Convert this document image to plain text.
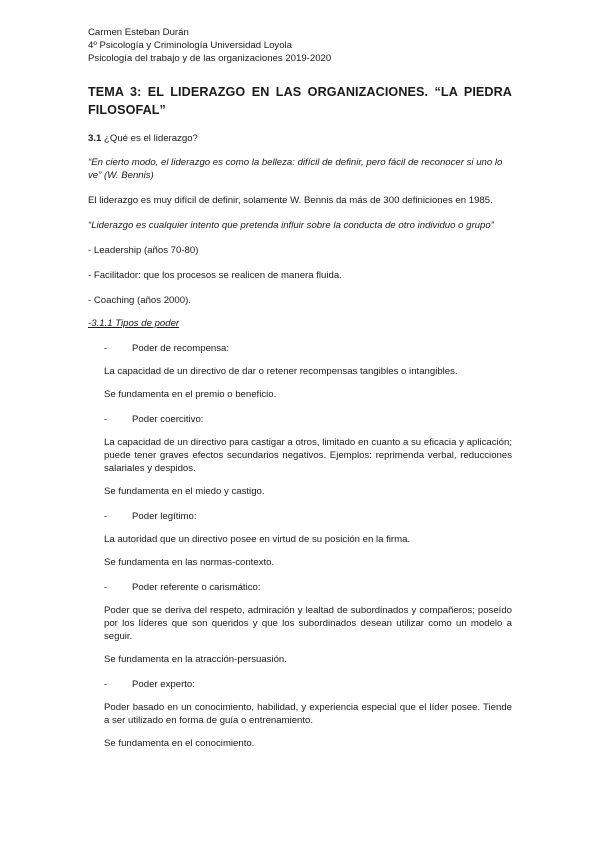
Carmen Esteban Durán
4º Psicología y Criminología Universidad Loyola
Psicología del trabajo y de las organizaciones 2019-2020
TEMA 3: EL LIDERAZGO EN LAS ORGANIZACIONES. “LA PIEDRA FILOSOFAL”
3.1 ¿Qué es el liderazgo?

“En cierto modo, el liderazgo es como la belleza: difícil de definir, pero fácil de reconocer si uno lo ve” (W. Bennis)

El liderazgo es muy difícil de definir, solamente W. Bennis da más de 300 definiciones en 1985.

“Liderazgo es cualquier intento que pretenda influir sobre la conducta de otro individuo o grupo”

- Leadership (años 70-80)

- Facilitador: que los procesos se realicen de manera fluida.

- Coaching (años 2000).

-3.1.1 Tipos de poder

-	Poder de recompensa:

La capacidad de un directivo de dar o retener recompensas tangibles o intangibles.

Se fundamenta en el premio o beneficio.

-	Poder coercitivo:

La capacidad de un directivo para castigar a otros, limitado en cuanto a su eficacia y aplicación; puede tener graves efectos secundarios negativos. Ejemplos: reprimenda verbal, reducciones salariales y despidos.

Se fundamenta en el miedo y castigo.

-	Poder legítimo:

La autoridad que un directivo posee en virtud de su posición en la firma.

Se fundamenta en las normas-contexto.

-	Poder referente o carismático:

Poder que se deriva del respeto, admiración y lealtad de subordinados y compañeros; poseído por los líderes que son queridos y que los subordinados desean utilizar como un modelo a seguir.

Se fundamenta en la atracción-persuasión.

-	Poder experto:

Poder basado en un conocimiento, habilidad, y experiencia especial que el líder posee. Tiende a ser utilizado en forma de guía o entrenamiento.

Se fundamenta en el conocimiento.
